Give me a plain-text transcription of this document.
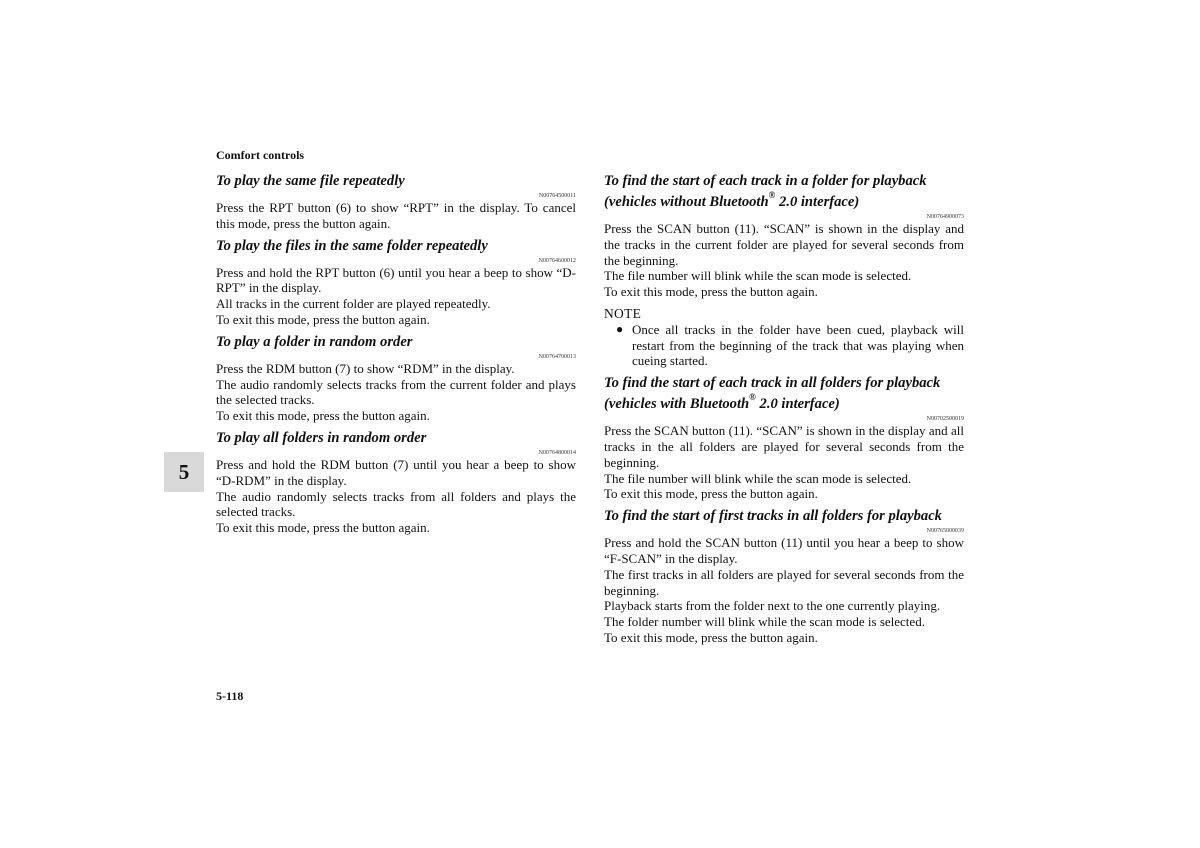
Comfort controls
5

To play the same file repeatedly

N00764500011

Press the RPT button (6) to show “RPT” in the display. To cancel this mode, press the button again.

To play the files in the same folder repeatedly

N00764600012

Press and hold the RPT button (6) until you hear a beep to show “D-RPT” in the display.

All tracks in the current folder are played repeatedly.

To exit this mode, press the button again.

To play a folder in random order

N00764700013

Press the RDM button (7) to show “RDM” in the display.

The audio randomly selects tracks from the current folder and plays the selected tracks.

To exit this mode, press the button again.

To play all folders in random order

N00764800014

Press and hold the RDM button (7) until you hear a beep to show “D-RDM” in the display.

The audio randomly selects tracks from all folders and plays the selected tracks.

To exit this mode, press the button again.

To find the start of each track in a folder for playback

(vehicles without Bluetooth® 2.0 interface)

N00764900073

Press the SCAN button (11). “SCAN” is shown in the display and the tracks in the current folder are played for several seconds from the beginning.

The file number will blink while the scan mode is selected.

To exit this mode, press the button again.

NOTE

● Once all tracks in the folder have been cued, playback will restart from the beginning of the track that was playing when cueing started.

To find the start of each track in all folders for playback

(vehicles with Bluetooth® 2.0 interface)

N00702500019

Press the SCAN button (11). “SCAN” is shown in the display and all tracks in the all folders are played for several seconds from the beginning.

The file number will blink while the scan mode is selected.

To exit this mode, press the button again.

To find the start of first tracks in all folders for playback

N00765000039

Press and hold the SCAN button (11) until you hear a beep to show “F-SCAN” in the display.

The first tracks in all folders are played for several seconds from the beginning.

Playback starts from the folder next to the one currently playing.

The folder number will blink while the scan mode is selected.

To exit this mode, press the button again.

5-118
